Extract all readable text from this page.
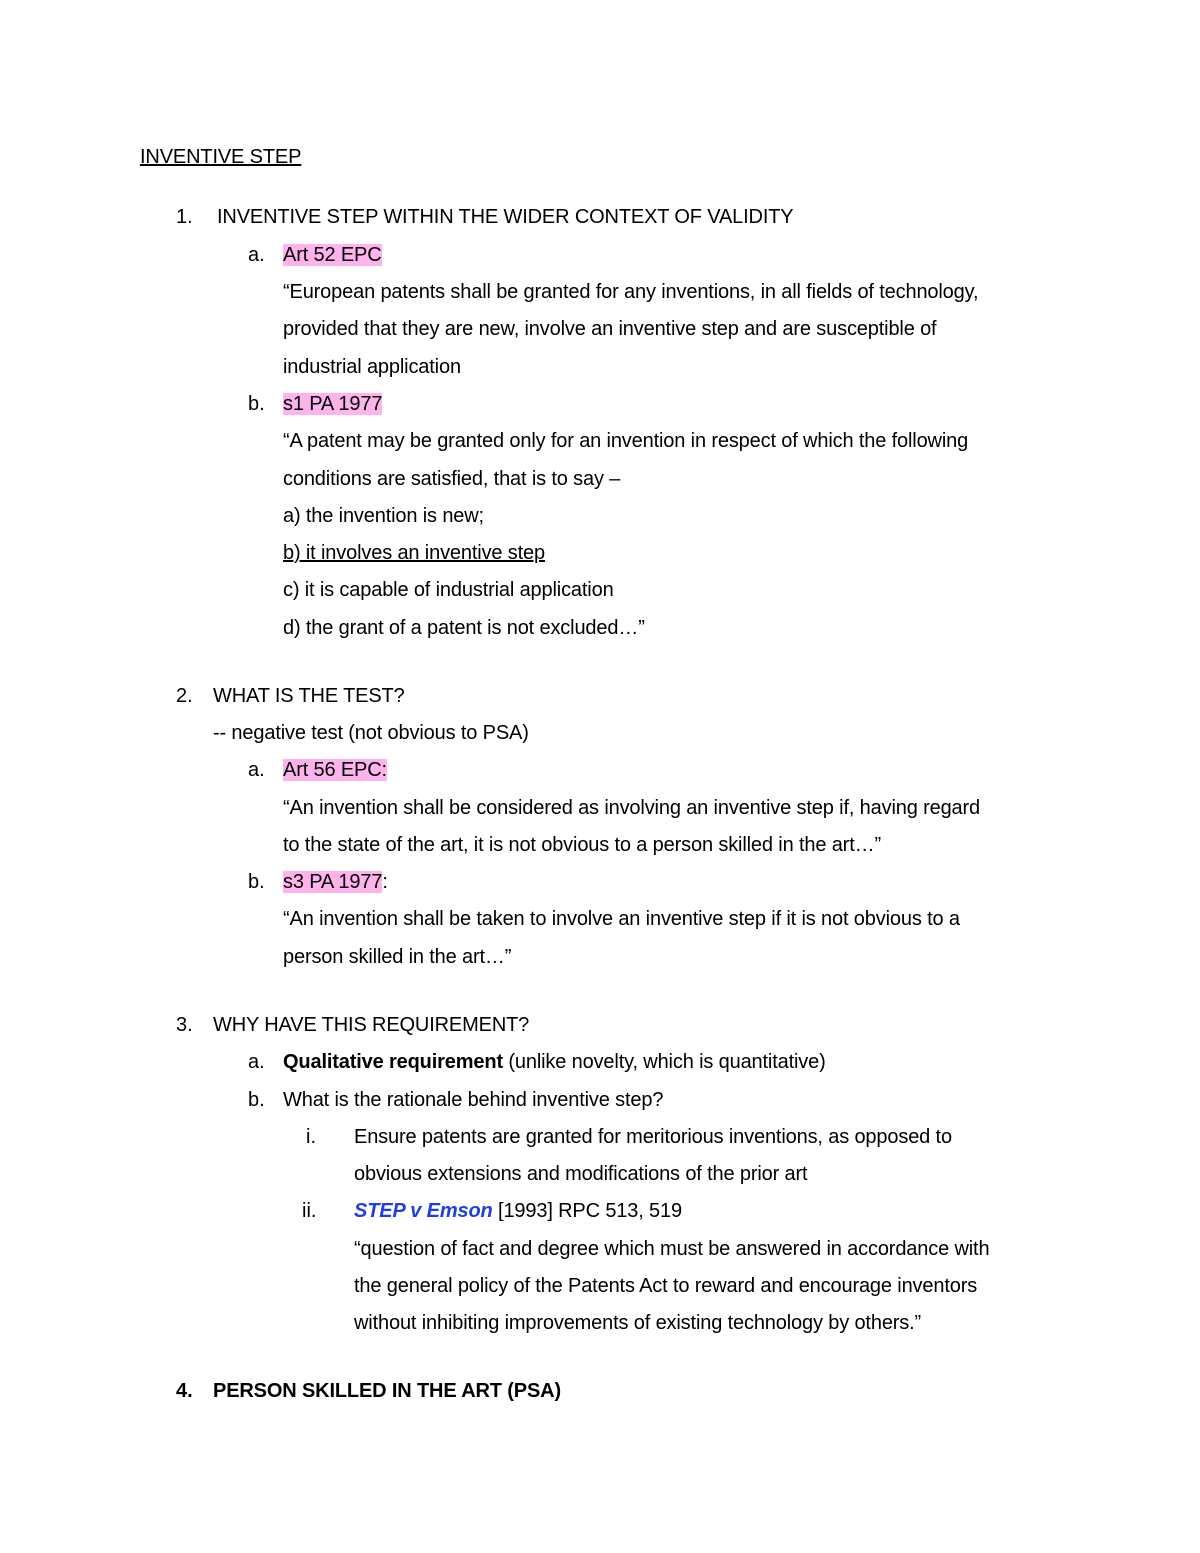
INVENTIVE STEP
1. INVENTIVE STEP WITHIN THE WIDER CONTEXT OF VALIDITY
a. Art 52 EPC
“European patents shall be granted for any inventions, in all fields of technology,
provided that they are new, involve an inventive step and are susceptible of
industrial application
b. s1 PA 1977
“A patent may be granted only for an invention in respect of which the following
conditions are satisfied, that is to say –
a) the invention is new;
b) it involves an inventive step
c) it is capable of industrial application
d) the grant of a patent is not excluded…”
2. WHAT IS THE TEST?
-- negative test (not obvious to PSA)
a. Art 56 EPC:
“An invention shall be considered as involving an inventive step if, having regard
to the state of the art, it is not obvious to a person skilled in the art…”
b. s3 PA 1977:
“An invention shall be taken to involve an inventive step if it is not obvious to a
person skilled in the art…”
3. WHY HAVE THIS REQUIREMENT?
a. Qualitative requirement (unlike novelty, which is quantitative)
b. What is the rationale behind inventive step?
i. Ensure patents are granted for meritorious inventions, as opposed to
obvious extensions and modifications of the prior art
ii. STEP v Emson [1993] RPC 513, 519
“question of fact and degree which must be answered in accordance with
the general policy of the Patents Act to reward and encourage inventors
without inhibiting improvements of existing technology by others.”
4. PERSON SKILLED IN THE ART (PSA)
